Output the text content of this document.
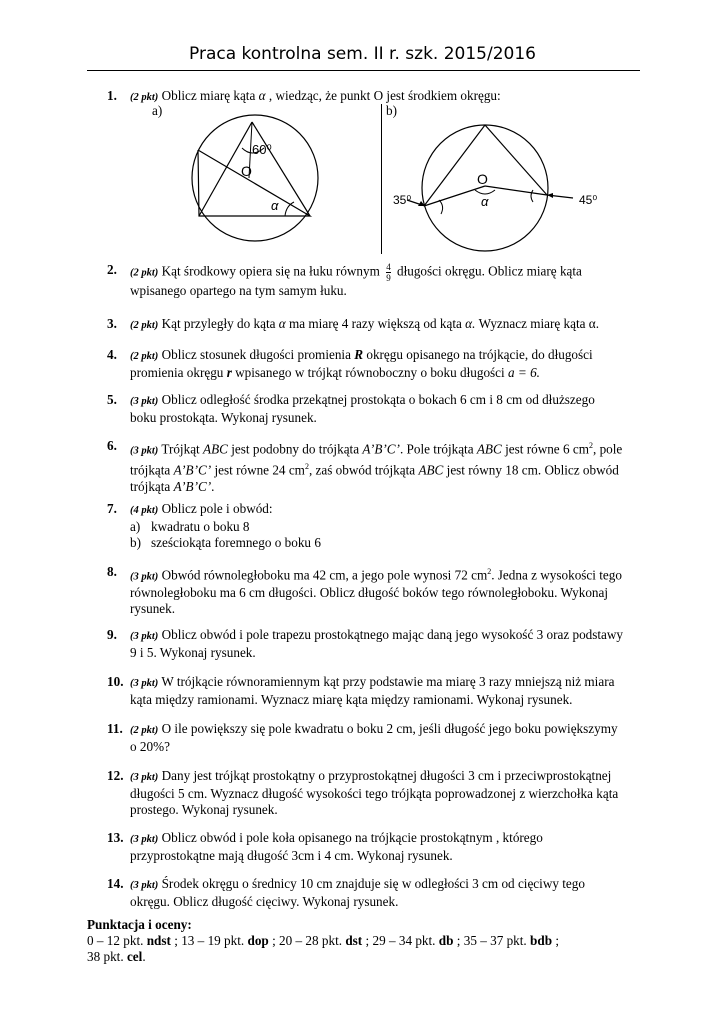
Praca kontrolna sem. II r. szk. 2015/2016
1. (2 pkt) Oblicz miarę kąta α , wiedząc, że punkt O jest środkiem okręgu:
a)	b)
60⁰
O
α	35⁰	45⁰
O
α
2. (2 pkt) Kąt środkowy opiera się na łuku równym $\frac{4}{9}$ długości okręgu. Oblicz miarę kąta
wpisanego opartego na tym samym łuku.
3. (2 pkt) Kąt przyległy do kąta α ma miarę 4 razy większą od kąta α. Wyznacz miarę kąta α.
4. (2 pkt) Oblicz stosunek długości promienia R okręgu opisanego na trójkącie, do długości
promienia okręgu r wpisanego w trójkąt równoboczny o boku długości a = 6.
5. (3 pkt) Oblicz odległość środka przekątnej prostokąta o bokach 6 cm i 8 cm od dłuższego
boku prostokąta. Wykonaj rysunek.
6. (3 pkt) Trójkąt ABC jest podobny do trójkąta A’B’C’. Pole trójkąta ABC jest równe 6 $cm^2$, pole
trójkąta A’B’C’ jest równe 24 $cm^2$, zaś obwód trójkąta ABC jest równy 18 cm. Oblicz obwód
trójkąta A’B’C’.
7. (4 pkt) Oblicz pole i obwód:
a) kwadratu o boku 8
b) sześciokąta foremnego o boku 6
8. (3 pkt) Obwód równoległoboku ma 42 cm, a jego pole wynosi 72 $cm^2$. Jedna z wysokości tego
równoległoboku ma 6 cm długości. Oblicz długość boków tego równoległoboku. Wykonaj
rysunek.
9. (3 pkt) Oblicz obwód i pole trapezu prostokątnego mając daną jego wysokość 3 oraz podstawy
9 i 5. Wykonaj rysunek.
10. (3 pkt) W trójkącie równoramiennym kąt przy podstawie ma miarę 3 razy mniejszą niż miara
kąta między ramionami. Wyznacz miarę kąta między ramionami. Wykonaj rysunek.
11. (2 pkt) O ile powiększy się pole kwadratu o boku 2 cm, jeśli długość jego boku powiększymy
o 20%?
12. (3 pkt) Dany jest trójkąt prostokątny o przyprostokątnej długości 3 cm i przeciwprostokątnej
długości 5 cm. Wyznacz długość wysokości tego trójkąta poprowadzonej z wierzchołka kąta
prostego. Wykonaj rysunek.
13. (3 pkt) Oblicz obwód i pole koła opisanego na trójkącie prostokątnym , którego
przyprostokątne mają długość 3cm i 4 cm. Wykonaj rysunek.
14. (3 pkt) Środek okręgu o średnicy 10 cm znajduje się w odległości 3 cm od cięciwy tego
okręgu. Oblicz długość cięciwy. Wykonaj rysunek.
Punktacja i oceny:
0 – 12 pkt. ndst ; 13 – 19 pkt. dop ; 20 – 28 pkt. dst ; 29 – 34 pkt. db ; 35 – 37 pkt. bdb ;
38 pkt. cel.
